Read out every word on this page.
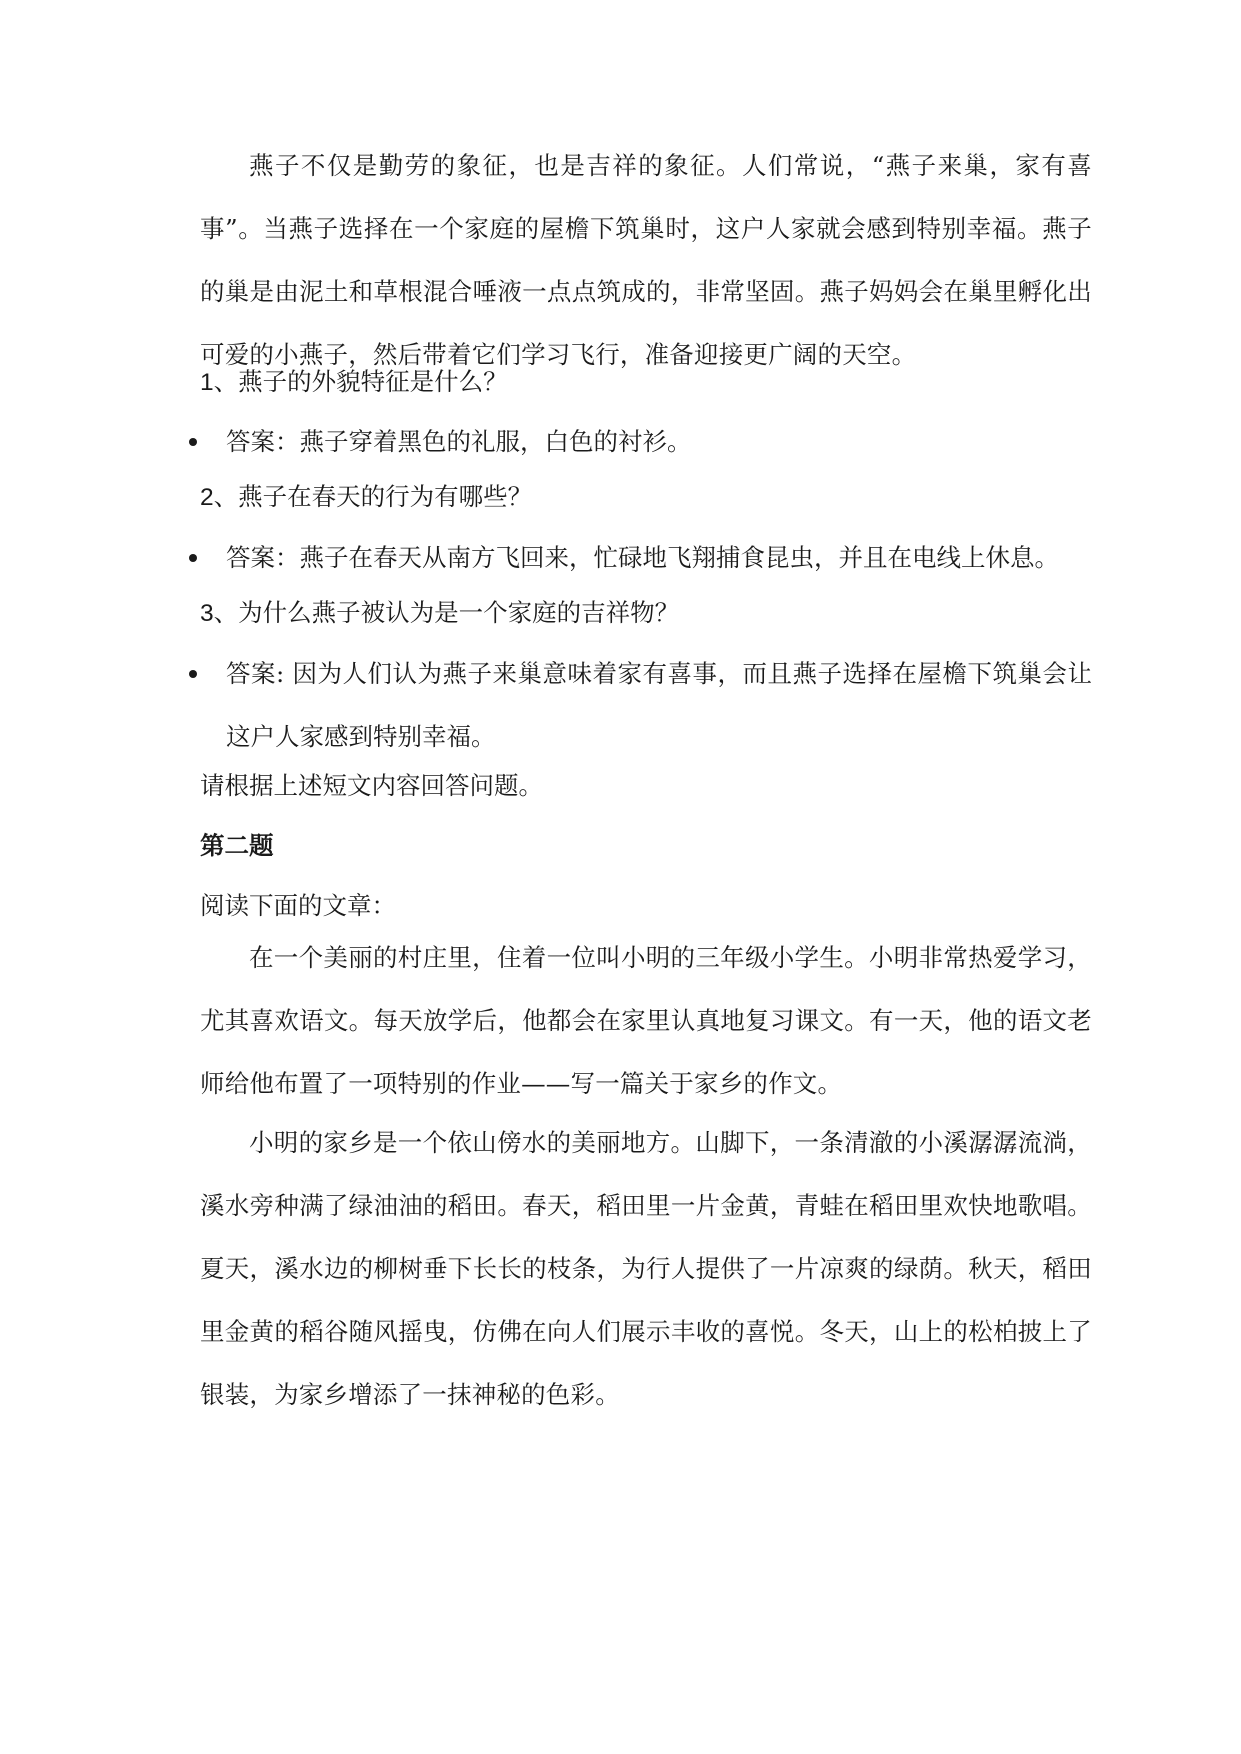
燕子不仅是勤劳的象征，也是吉祥的象征。人们常说，“燕子来巢，家有喜事”。当燕子选择在一个家庭的屋檐下筑巢时，这户人家就会感到特别幸福。燕子的巢是由泥土和草根混合唾液一点点筑成的，非常坚固。燕子妈妈会在巢里孵化出可爱的小燕子，然后带着它们学习飞行，准备迎接更广阔的天空。
1、燕子的外貌特征是什么？
答案：燕子穿着黑色的礼服，白色的衬衫。
2、燕子在春天的行为有哪些？
答案：燕子在春天从南方飞回来，忙碌地飞翔捕食昆虫，并且在电线上休息。
3、为什么燕子被认为是一个家庭的吉祥物？
答案: 因为人们认为燕子来巢意味着家有喜事，而且燕子选择在屋檐下筑巢会让这户人家感到特别幸福。
请根据上述短文内容回答问题。
第二题
阅读下面的文章：
在一个美丽的村庄里，住着一位叫小明的三年级小学生。小明非常热爱学习，尤其喜欢语文。每天放学后，他都会在家里认真地复习课文。有一天，他的语文老师给他布置了一项特别的作业——写一篇关于家乡的作文。
小明的家乡是一个依山傍水的美丽地方。山脚下，一条清澈的小溪潺潺流淌，溪水旁种满了绿油油的稻田。春天，稻田里一片金黄，青蛙在稻田里欢快地歌唱。夏天，溪水边的柳树垂下长长的枝条，为行人提供了一片凉爽的绿荫。秋天，稻田里金黄的稻谷随风摇曳，仿佛在向人们展示丰收的喜悦。冬天，山上的松柏披上了银装，为家乡增添了一抹神秘的色彩。
